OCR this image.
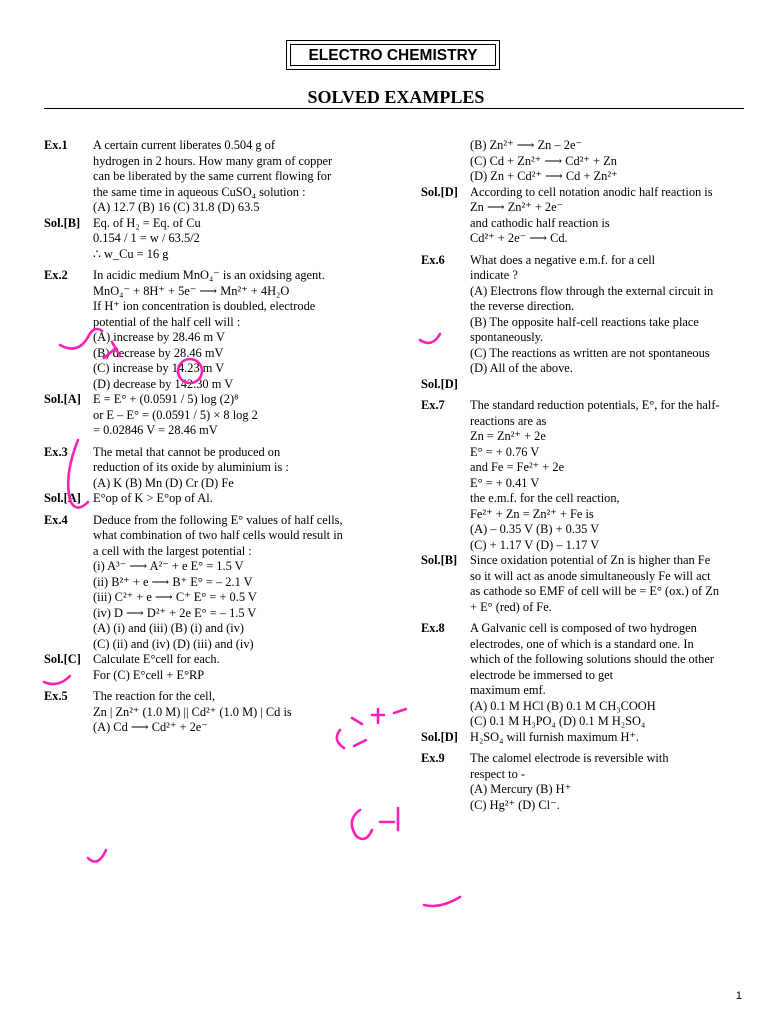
ELECTRO CHEMISTRY
SOLVED EXAMPLES
Ex.1 A certain current liberates 0.504 g of
hydrogen in 2 hours. How many gram of copper
can be liberated by the same current flowing for
the same time in aqueous CuSO₄ solution :
(A) 12.7 (B) 16 (C) 31.8 (D) 63.5
Sol.[B] Eq. of H₂ = Eq. of Cu
0.154 / 1 = w / 63.5/2
∴ w_Cu = 16 g
Ex.2 In acidic medium MnO₄⁻ is an oxidsing agent.
MnO₄⁻ + 8H⁺ + 5e⁻ ⟶ Mn²⁺ + 4H₂O
If H⁺ ion concentration is doubled, electrode
potential of the half cell will :
(A) increase by 28.46 m V
(B) decrease by 28.46 mV
(C) increase by 14.23 m V
(D) decrease by 142.30 m V
Sol.[A] E = E° + (0.0591 / 5) log (2)⁸
or E – E° = (0.0591 / 5) × 8 log 2
= 0.02846 V = 28.46 mV
Ex.3 The metal that cannot be produced on
reduction of its oxide by aluminium is :
(A) K (B) Mn (D) Cr (D) Fe
Sol.[A] E°op of K > E°op of Al.
Ex.4 Deduce from the following E° values of half cells,
what combination of two half cells would result in
a cell with the largest potential :
(i) A³⁻ ⟶ A²⁻ + e E° = 1.5 V
(ii) B²⁺ + e ⟶ B⁺ E° = – 2.1 V
(iii) C²⁺ + e ⟶ C⁺ E° = + 0.5 V
(iv) D ⟶ D²⁺ + 2e E° = – 1.5 V
(A) (i) and (iii) (B) (i) and (iv)
(C) (ii) and (iv) (D) (iii) and (iv)
Sol.[C] Calculate E°cell for each.
For (C) E°cell + E°RP
Ex.5 The reaction for the cell,
Zn | Zn²⁺ (1.0 M) || Cd²⁺ (1.0 M) | Cd is
(A) Cd ⟶ Cd²⁺ + 2e⁻
(B) Zn²⁺ ⟶ Zn – 2e⁻
(C) Cd + Zn²⁺ ⟶ Cd²⁺ + Zn
(D) Zn + Cd²⁺ ⟶ Cd + Zn²⁺
Sol.[D] According to cell notation anodic half reaction is
Zn ⟶ Zn²⁺ + 2e⁻
and cathodic half reaction is
Cd²⁺ + 2e⁻ ⟶ Cd.
Ex.6 What does a negative e.m.f. for a cell
indicate ?
(A) Electrons flow through the external circuit in
the reverse direction.
(B) The opposite half-cell reactions take place
spontaneously.
(C) The reactions as written are not spontaneous
(D) All of the above.
Sol.[D]
Ex.7 The standard reduction potentials, E°, for the half-
reactions are as
Zn = Zn²⁺ + 2e
E° = + 0.76 V
and Fe = Fe²⁺ + 2e
E° = + 0.41 V
the e.m.f. for the cell reaction,
Fe²⁺ + Zn = Zn²⁺ + Fe is
(A) – 0.35 V (B) + 0.35 V
(C) + 1.17 V (D) – 1.17 V
Sol.[B] Since oxidation potential of Zn is higher than Fe
so it will act as anode simultaneously Fe will act
as cathode so EMF of cell will be = E° (ox.) of Zn
+ E° (red) of Fe.
Ex.8 A Galvanic cell is composed of two hydrogen
electrodes, one of which is a standard one. In
which of the following solutions should the other
electrode be immersed to get
maximum emf.
(A) 0.1 M HCl (B) 0.1 M CH₃COOH
(C) 0.1 M H₃PO₄ (D) 0.1 M H₂SO₄
Sol.[D] H₂SO₄ will furnish maximum H⁺.
Ex.9 The calomel electrode is reversible with
respect to -
(A) Mercury (B) H⁺
(C) Hg²⁺ (D) Cl⁻.
1
